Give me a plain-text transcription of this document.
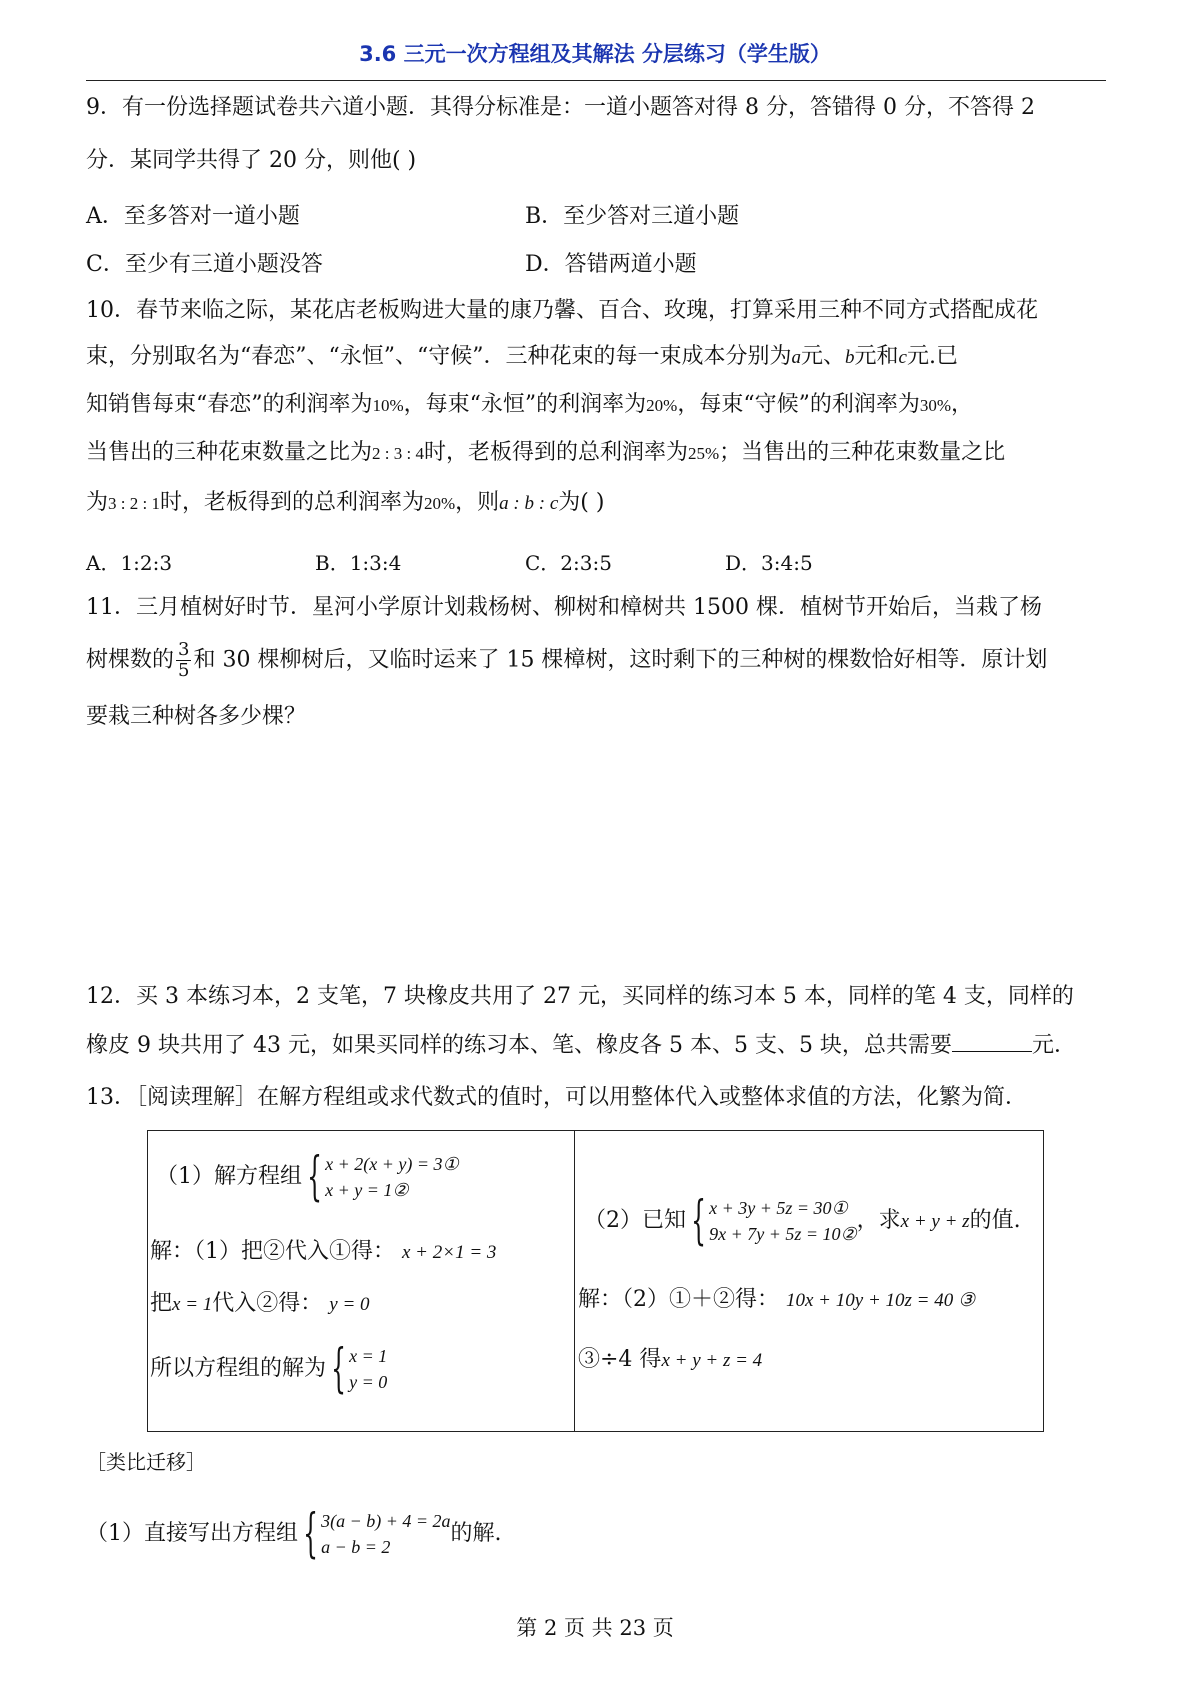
3.6 三元一次方程组及其解法 分层练习（学生版）
9．有一份选择题试卷共六道小题．其得分标准是：一道小题答对得 8 分，答错得 0 分，不答得 2
分．某同学共得了 20 分，则他( )
A．至多答对一道小题	B．至少答对三道小题
C．至少有三道小题没答	D．答错两道小题
10．春节来临之际，某花店老板购进大量的康乃馨、百合、玫瑰，打算采用三种不同方式搭配成花
束，分别取名为“春恋”、“永恒”、“守候”．三种花束的每一束成本分别为a元、b元和c元.已
知销售每束“春恋”的利润率为10%，每束“永恒”的利润率为20%，每束“守候”的利润率为30%，
当售出的三种花束数量之比为2 : 3 : 4时，老板得到的总利润率为25%；当售出的三种花束数量之比
为3 : 2 : 1时，老板得到的总利润率为20%，则a : b : c为( )
A．1:2:3	B．1:3:4	C．2:3:5	D．3:4:5
11．三月植树好时节．星河小学原计划栽杨树、柳树和樟树共 1500 棵．植树节开始后，当栽了杨
树棵数的 $\frac{3}{5}$ 和 30 棵柳树后，又临时运来了 15 棵樟树，这时剩下的三种树的棵数恰好相等．原计划
要栽三种树各多少棵？
12．买 3 本练习本，2 支笔，7 块橡皮共用了 27 元，买同样的练习本 5 本，同样的笔 4 支，同样的
橡皮 9 块共用了 43 元，如果买同样的练习本、笔、橡皮各 5 本、5 支、5 块，总共需要	元．
13．［阅读理解］在解方程组或求代数式的值时，可以用整体代入或整体求值的方法，化繁为简．
（1）解方程组 { x + 2(x + y) = 3①
x + y = 1②
解：（1）把②代入①得： x + 2×1 = 3
把x = 1代入②得： y = 0
所以方程组的解为 { x = 1
y = 0
（2）已知 { x + 3y + 5z = 30①
9x + 7y + 5z = 10②
，求x + y + z的值.
解：（2）①＋②得： 10x + 10y + 10z = 40 ③
③÷4 得x + y + z = 4
［类比迁移］
（1）直接写出方程组 { 3(a − b) + 4 = 2a
a − b = 2
的解.
第 2 页 共 23 页
